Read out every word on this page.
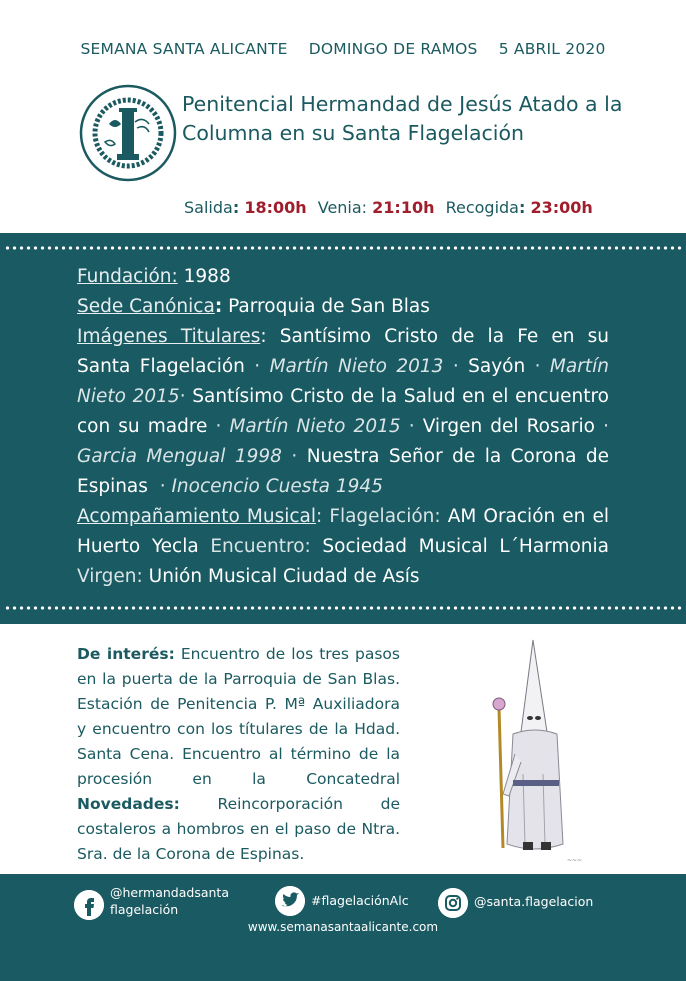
SEMANA SANTA ALICANTE DOMINGO DE RAMOS 5 ABRIL 2020
Penitencial Hermandad de Jesús Atado a la Columna en su Santa Flagelación
Salida: 18:00h Venia: 21:10h Recogida: 23:00h
Fundación: 1988
Sede Canónica: Parroquia de San Blas
Imágenes Titulares: Santísimo Cristo de la Fe en su Santa Flagelación · Martín Nieto 2013 · Sayón · Martín Nieto 2015· Santísimo Cristo de la Salud en el encuentro con su madre · Martín Nieto 2015 · Virgen del Rosario · Garcia Mengual 1998 · Nuestra Señor de la Corona de Espinas  · Inocencio Cuesta 1945
Acompañamiento Musical: Flagelación: AM Oración en el Huerto Yecla Encuentro: Sociedad Musical L´Harmonia Virgen: Unión Musical Ciudad de Asís
De interés: Encuentro de los tres pasos en la puerta de la Parroquia de San Blas. Estación de Penitencia P. Mª Auxiliadora y encuentro con los títulares de la Hdad. Santa Cena. Encuentro al término de la procesión en la Concatedral Novedades: Reincorporación de costaleros a hombros en el paso de Ntra. Sra. de la Corona de Espinas.	~~~
@hermandadsanta
flagelación
#flagelaciónAlc	@santa.flagelacion
www.semanasantaalicante.com
